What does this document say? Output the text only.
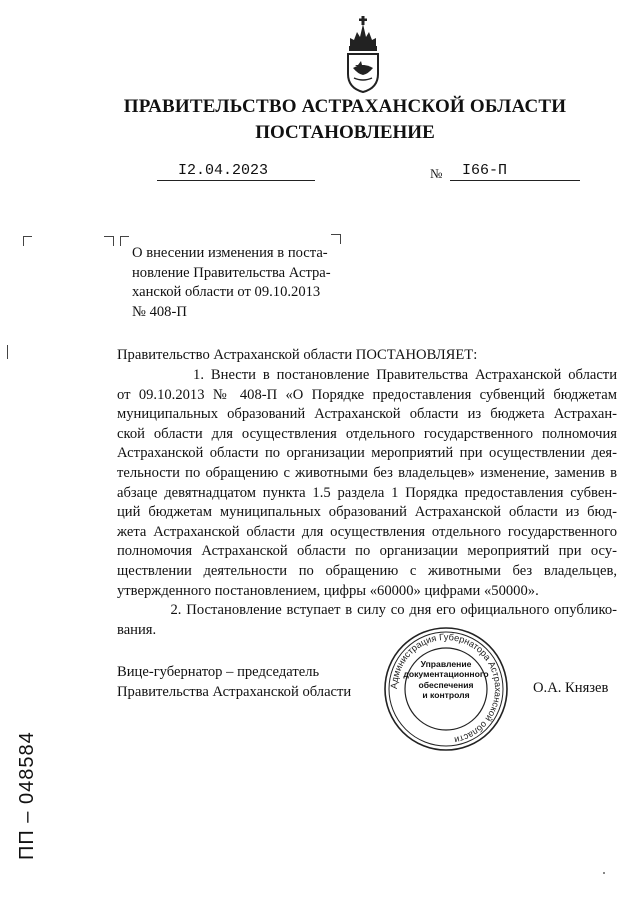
ПРАВИТЕЛЬСТВО АСТРАХАНСКОЙ ОБЛАСТИ
ПОСТАНОВЛЕНИЕ
I2.04.2023	№ I66-П
О внесении изменения в поста-
новление Правительства Астра-
ханской области от 09.10.2013
№ 408-П
Правительство Астраханской области ПОСТАНОВЛЯЕТ:
1. Внести в постановление Правительства Астраханской области
от 09.10.2013 № 408-П «О Порядке предоставления субвенций бюджетам
муниципальных образований Астраханской области из бюджета Астрахан-
ской области для осуществления отдельного государственного полномочия
Астраханской области по организации мероприятий при осуществлении дея-
тельности по обращению с животными без владельцев» изменение, заменив в
абзаце девятнадцатом пункта 1.5 раздела 1 Порядка предоставления субвен-
ций бюджетам муниципальных образований Астраханской области из бюд-
жета Астраханской области для осуществления отдельного государственного
полномочия Астраханской области по организации мероприятий при осу-
ществлении деятельности по обращению с животными без владельцев,
утвержденного постановлением, цифры «60000» цифрами «50000».
2. Постановление вступает в силу со дня его официального опублико-
вания.
Вице-губернатор – председатель
Правительства Астраханской области	О.А. Князев
Администрация Губернатора Астраханской области
Управление
документационного
обеспечения
и контроля
ПП – 048584
